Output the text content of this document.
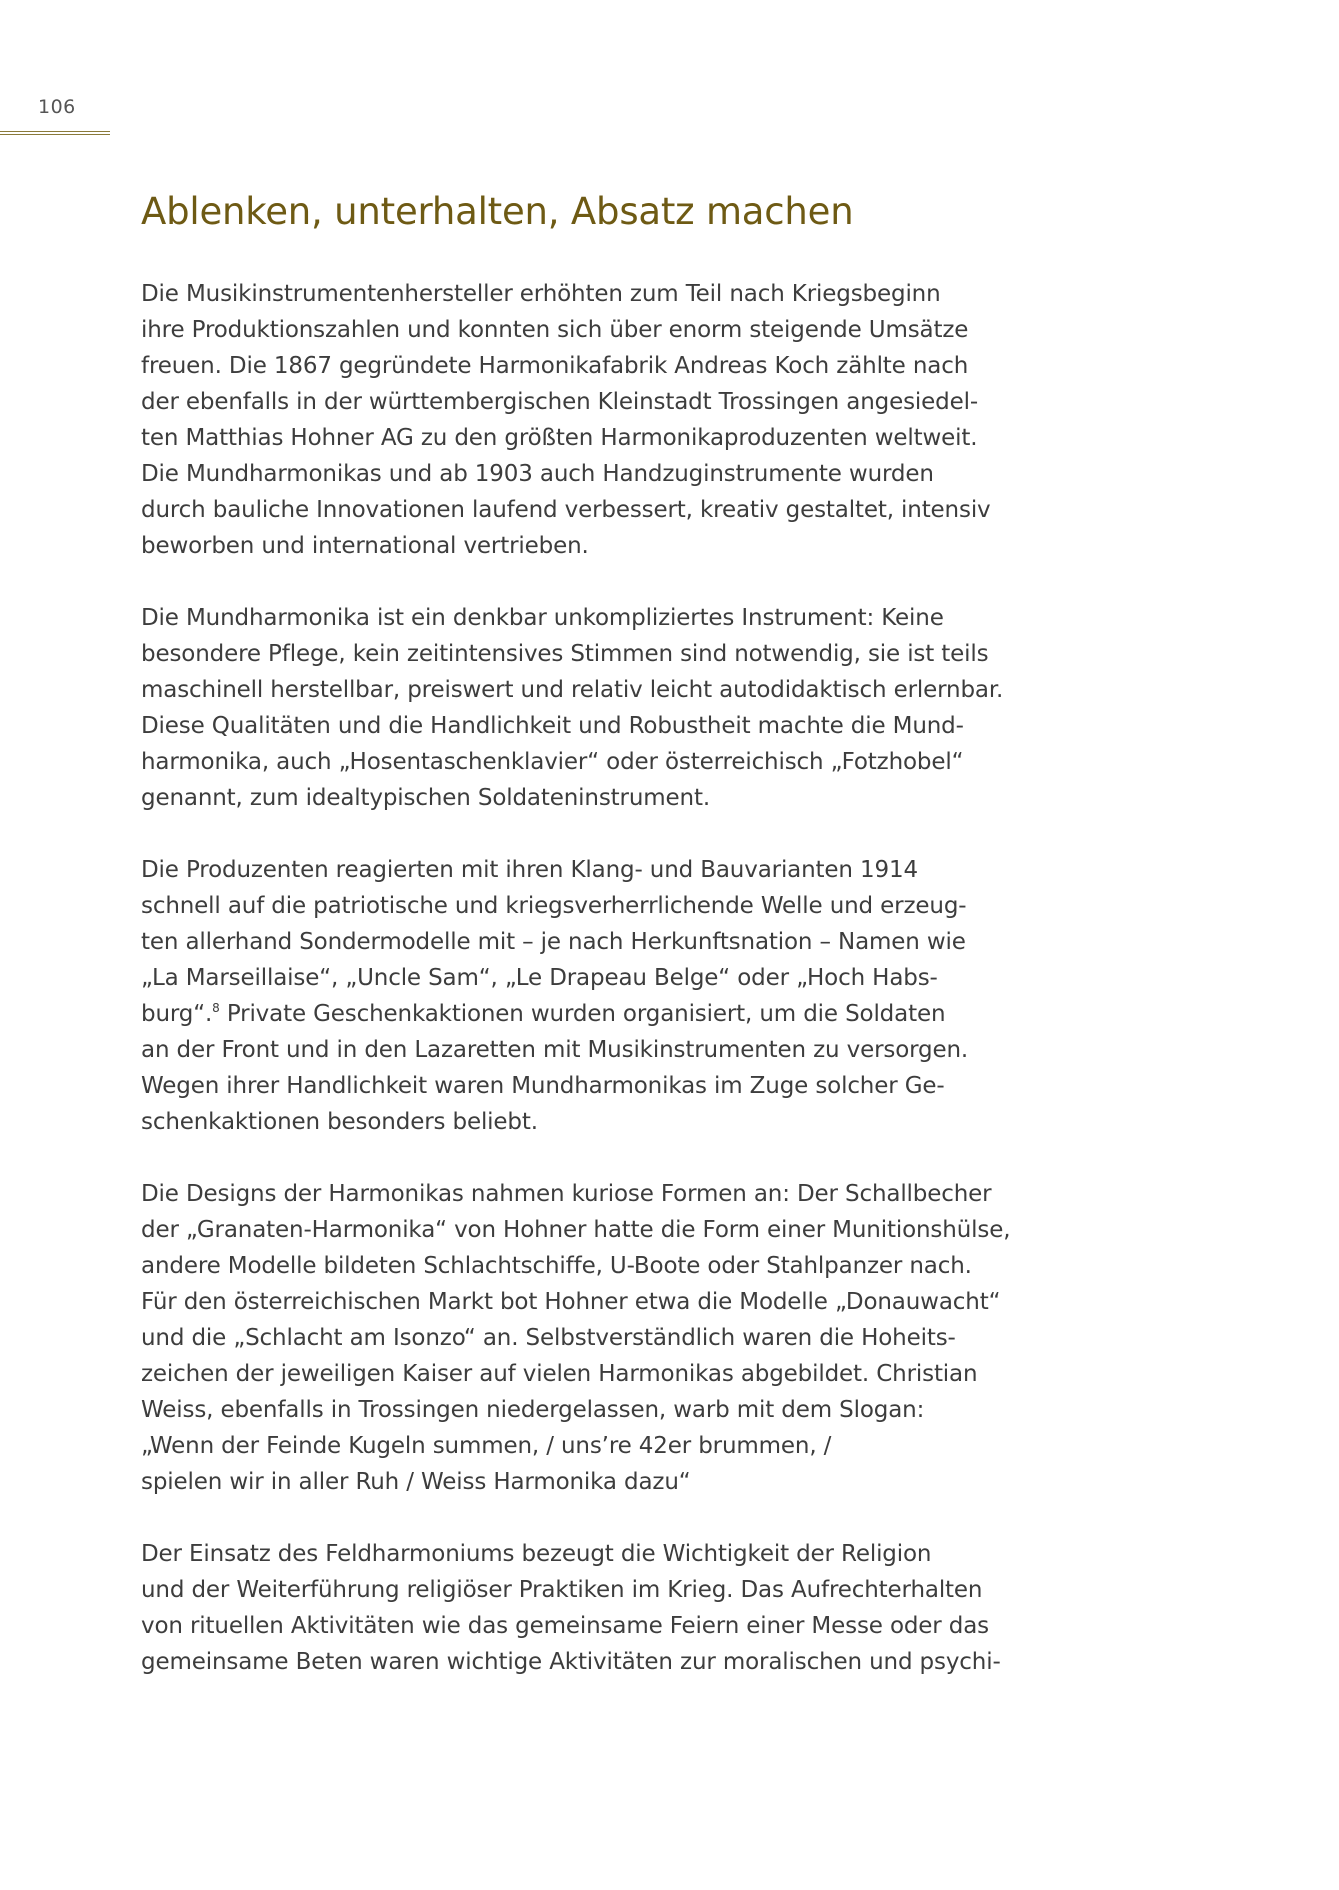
106
Ablenken, unterhalten, Absatz machen
Die Musikinstrumentenhersteller erhöhten zum Teil nach Kriegsbeginn
ihre Produktionszahlen und konnten sich über enorm steigende Umsätze
freuen. Die 1867 gegründete Harmonikafabrik Andreas Koch zählte nach
der ebenfalls in der württembergischen Kleinstadt Trossingen angesiedel-
ten Matthias Hohner AG zu den größten Harmonikaproduzenten weltweit.
Die Mundharmonikas und ab 1903 auch Handzuginstrumente wurden
durch bauliche Innovationen laufend verbessert, kreativ gestaltet, intensiv
beworben und international vertrieben.
Die Mundharmonika ist ein denkbar unkompliziertes Instrument: Keine
besondere Pflege, kein zeitintensives Stimmen sind notwendig, sie ist teils
maschinell herstellbar, preiswert und relativ leicht autodidaktisch erlernbar.
Diese Qualitäten und die Handlichkeit und Robustheit machte die Mund-
harmonika, auch „Hosentaschenklavier“ oder österreichisch „Fotzhobel“
genannt, zum idealtypischen Soldateninstrument.
Die Produzenten reagierten mit ihren Klang- und Bauvarianten 1914
schnell auf die patriotische und kriegsverherrlichende Welle und erzeug-
ten allerhand Sondermodelle mit – je nach Herkunftsnation – Namen wie
„La Marseillaise“, „Uncle Sam“, „Le Drapeau Belge“ oder „Hoch Habs-
burg“.$^8$ Private Geschenkaktionen wurden organisiert, um die Soldaten
an der Front und in den Lazaretten mit Musikinstrumenten zu versorgen.
Wegen ihrer Handlichkeit waren Mundharmonikas im Zuge solcher Ge-
schenkaktionen besonders beliebt.
Die Designs der Harmonikas nahmen kuriose Formen an: Der Schallbecher
der „Granaten-Harmonika“ von Hohner hatte die Form einer Munitionshülse,
andere Modelle bildeten Schlachtschiffe, U-Boote oder Stahlpanzer nach.
Für den österreichischen Markt bot Hohner etwa die Modelle „Donauwacht“
und die „Schlacht am Isonzo“ an. Selbstverständlich waren die Hoheits-
zeichen der jeweiligen Kaiser auf vielen Harmonikas abgebildet. Christian
Weiss, ebenfalls in Trossingen niedergelassen, warb mit dem Slogan:
„Wenn der Feinde Kugeln summen, / uns’re 42er brummen, /
spielen wir in aller Ruh / Weiss Harmonika dazu“
Der Einsatz des Feldharmoniums bezeugt die Wichtigkeit der Religion
und der Weiterführung religiöser Praktiken im Krieg. Das Aufrechterhalten
von rituellen Aktivitäten wie das gemeinsame Feiern einer Messe oder das
gemeinsame Beten waren wichtige Aktivitäten zur moralischen und psychi-
